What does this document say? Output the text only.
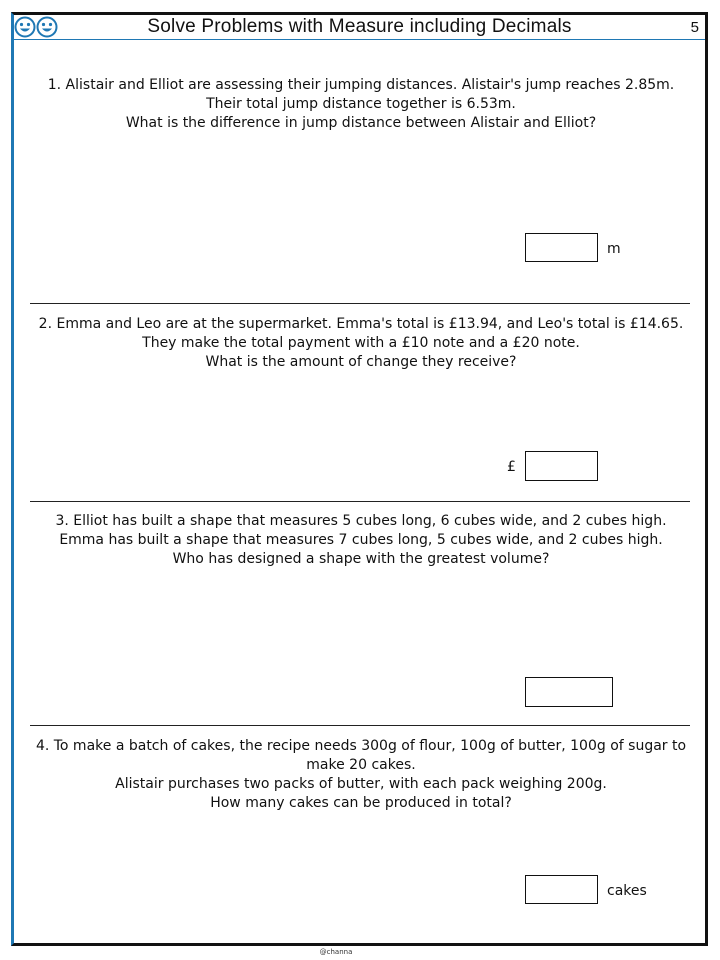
Solve Problems with Measure including Decimals	5

1. Alistair and Elliot are assessing their jumping distances. Alistair's jump reaches 2.85m.

Their total jump distance together is 6.53m.

What is the difference in jump distance between Alistair and Elliot?

m

2. Emma and Leo are at the supermarket. Emma's total is £13.94, and Leo's total is £14.65.

They make the total payment with a £10 note and a £20 note.

What is the amount of change they receive?

£

3. Elliot has built a shape that measures 5 cubes long, 6 cubes wide, and 2 cubes high.

Emma has built a shape that measures 7 cubes long, 5 cubes wide, and 2 cubes high.

Who has designed a shape with the greatest volume?

4. To make a batch of cakes, the recipe needs 300g of flour, 100g of butter, 100g of sugar to

make 20 cakes.

Alistair purchases two packs of butter, with each pack weighing 200g.

How many cakes can be produced in total?

cakes
@channa
